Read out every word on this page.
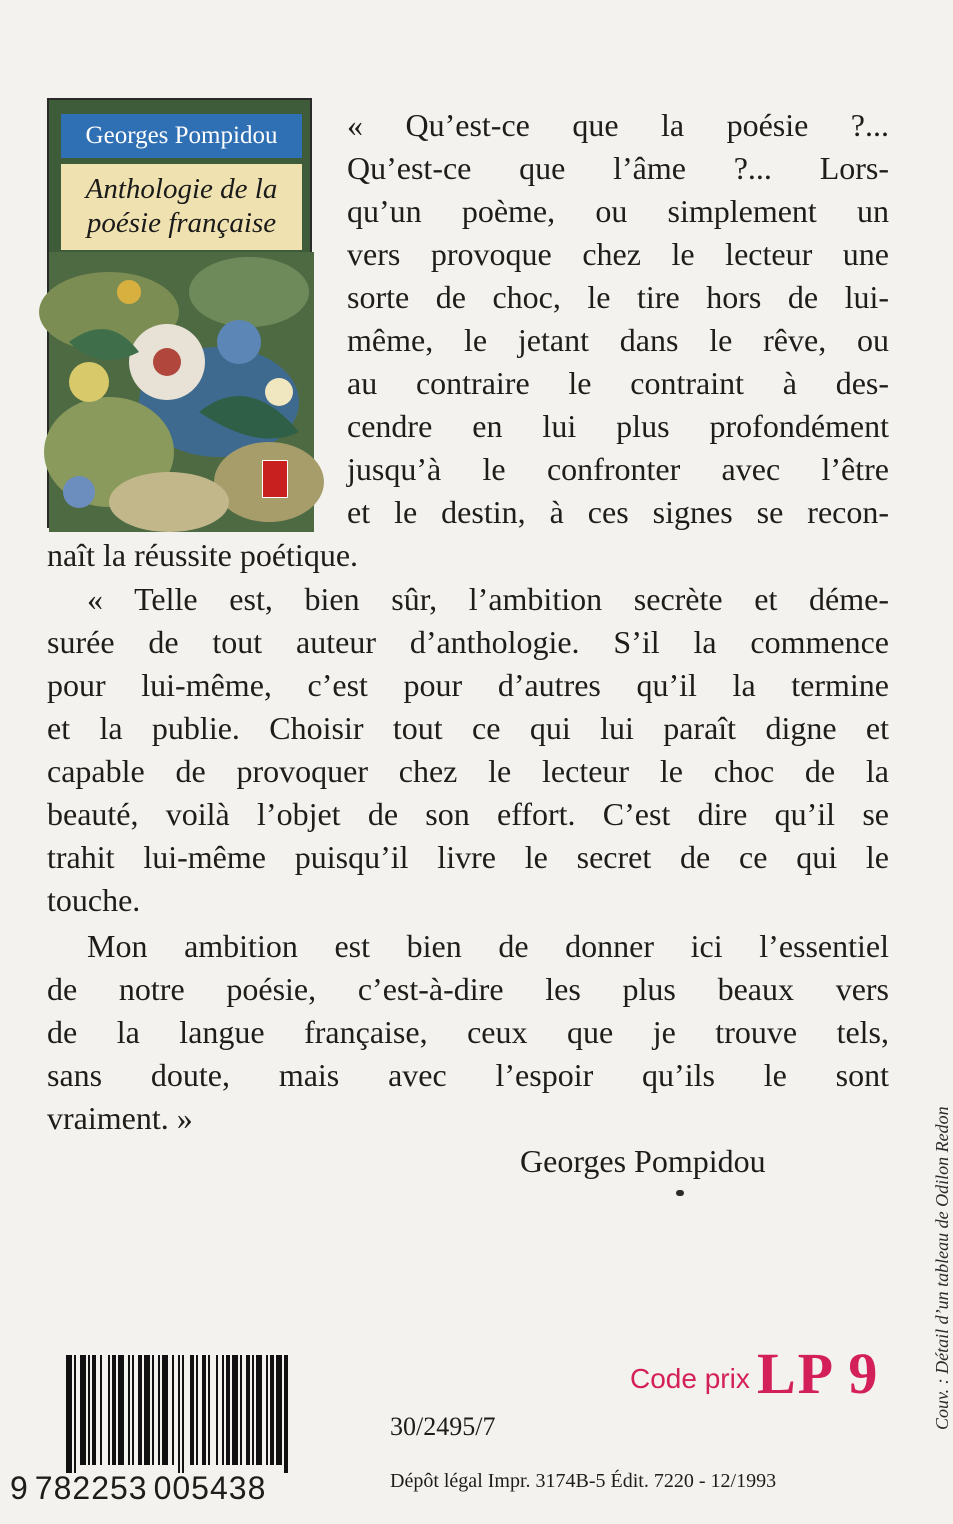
Georges Pompidou
Anthologie de la
poésie française
« Qu’est-ce que la poésie ?...
Qu’est-ce que l’âme ?... Lors-
qu’un poème, ou simplement un
vers provoque chez le lecteur une
sorte de choc, le tire hors de lui-
même, le jetant dans le rêve, ou
au contraire le contraint à des-
cendre en lui plus profondément
jusqu’à le confronter avec l’être
et le destin, à ces signes se recon-
naît la réussite poétique.
« Telle est, bien sûr, l’ambition secrète et déme-
surée de tout auteur d’anthologie. S’il la commence
pour lui-même, c’est pour d’autres qu’il la termine
et la publie. Choisir tout ce qui lui paraît digne et
capable de provoquer chez le lecteur le choc de la
beauté, voilà l’objet de son effort. C’est dire qu’il se
trahit lui-même puisqu’il livre le secret de ce qui le
touche.
Mon ambition est bien de donner ici l’essentiel
de notre poésie, c’est-à-dire les plus beaux vers
de la langue française, ceux que je trouve tels,
sans doute, mais avec l’espoir qu’ils le sont
vraiment. »
Georges Pompidou
Code prix LP 9	Couv. : Détail d’un tableau de Odilon Redon
9 782253 005438
30/2495/7
Dépôt légal Impr. 3174B-5 Édit. 7220 - 12/1993
